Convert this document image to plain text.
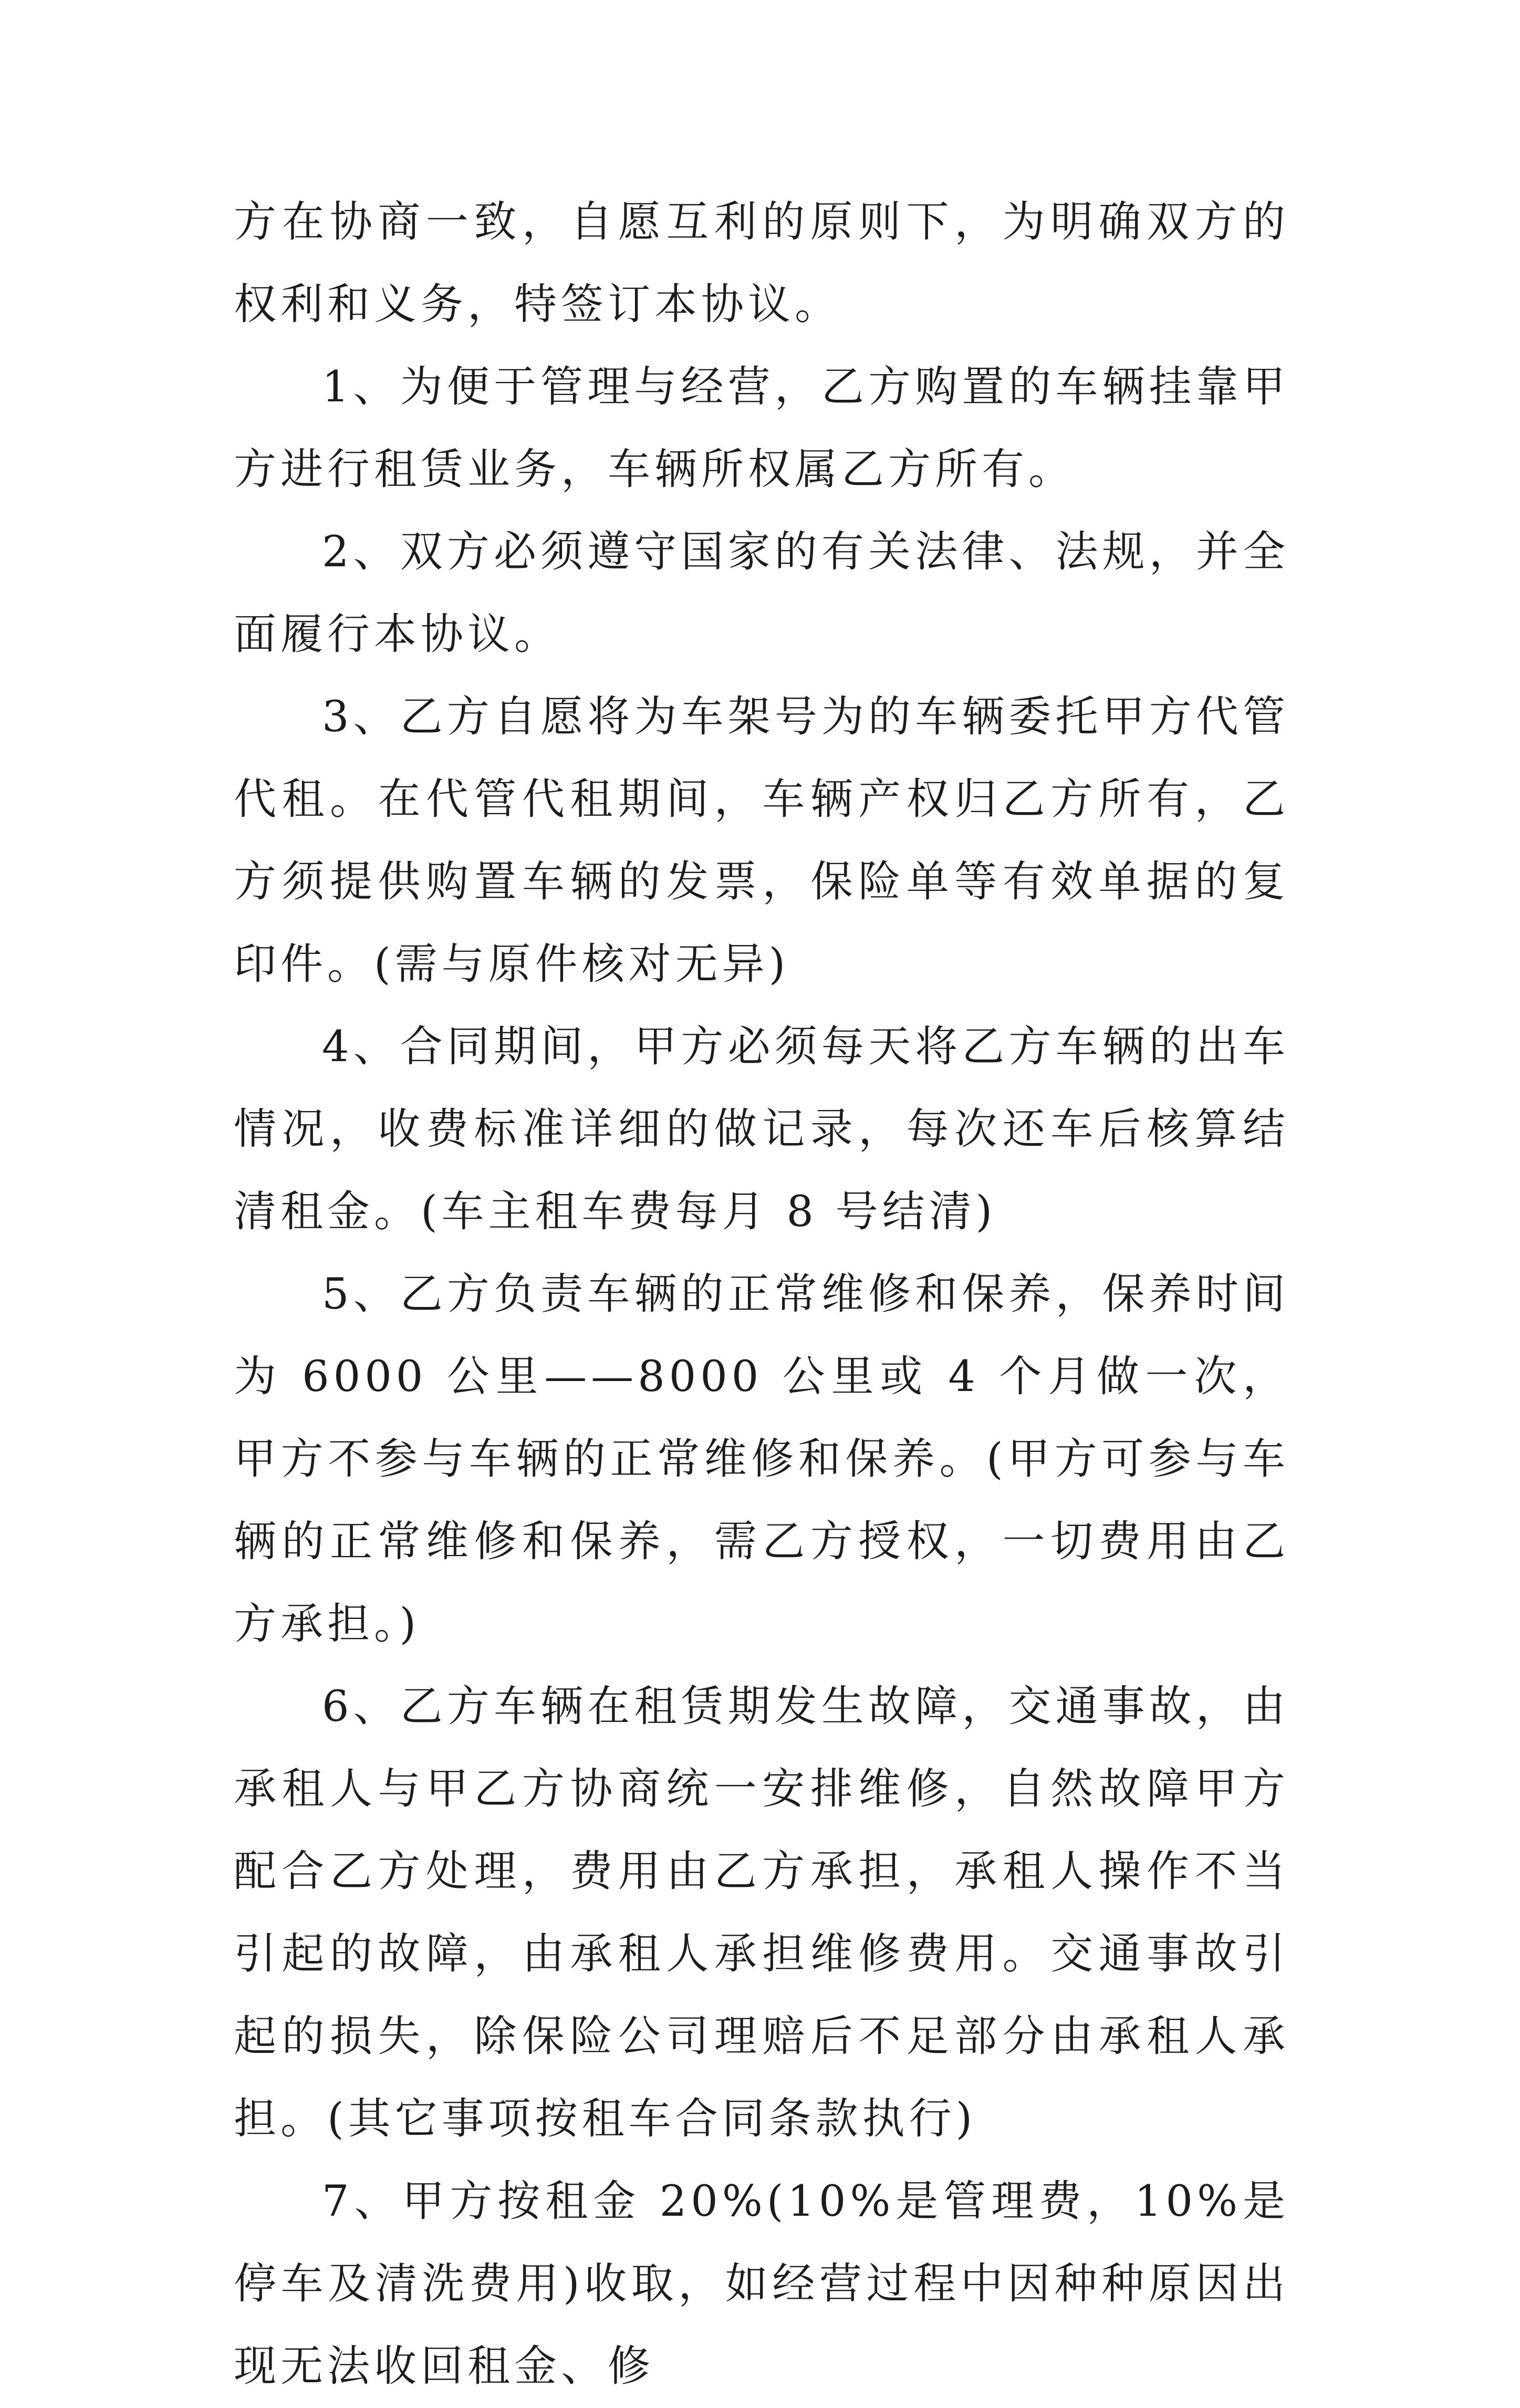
方在协商一致，自愿互利的原则下，为明确双方的权利和义务，特签订本协议。

1、为便于管理与经营，乙方购置的车辆挂靠甲方进行租赁业务，车辆所权属乙方所有。

2、双方必须遵守国家的有关法律、法规，并全面履行本协议。

3、乙方自愿将为车架号为的车辆委托甲方代管代租。在代管代租期间，车辆产权归乙方所有，乙方须提供购置车辆的发票，保险单等有效单据的复印件。(需与原件核对无异)

4、合同期间，甲方必须每天将乙方车辆的出车情况，收费标准详细的做记录，每次还车后核算结清租金。(车主租车费每月 8 号结清)

5、乙方负责车辆的正常维修和保养，保养时间为 6000 公里——8000 公里或 4 个月做一次，甲方不参与车辆的正常维修和保养。(甲方可参与车辆的正常维修和保养，需乙方授权，一切费用由乙方承担。)

6、乙方车辆在租赁期发生故障，交通事故，由承租人与甲乙方协商统一安排维修，自然故障甲方配合乙方处理，费用由乙方承担，承租人操作不当引起的故障，由承租人承担维修费用。交通事故引起的损失，除保险公司理赔后不足部分由承租人承担。(其它事项按租车合同条款执行)

7、甲方按租金 20%(10%是管理费，10%是停车及清洗费用)收取，如经营过程中因种种原因出现无法收回租金、修
